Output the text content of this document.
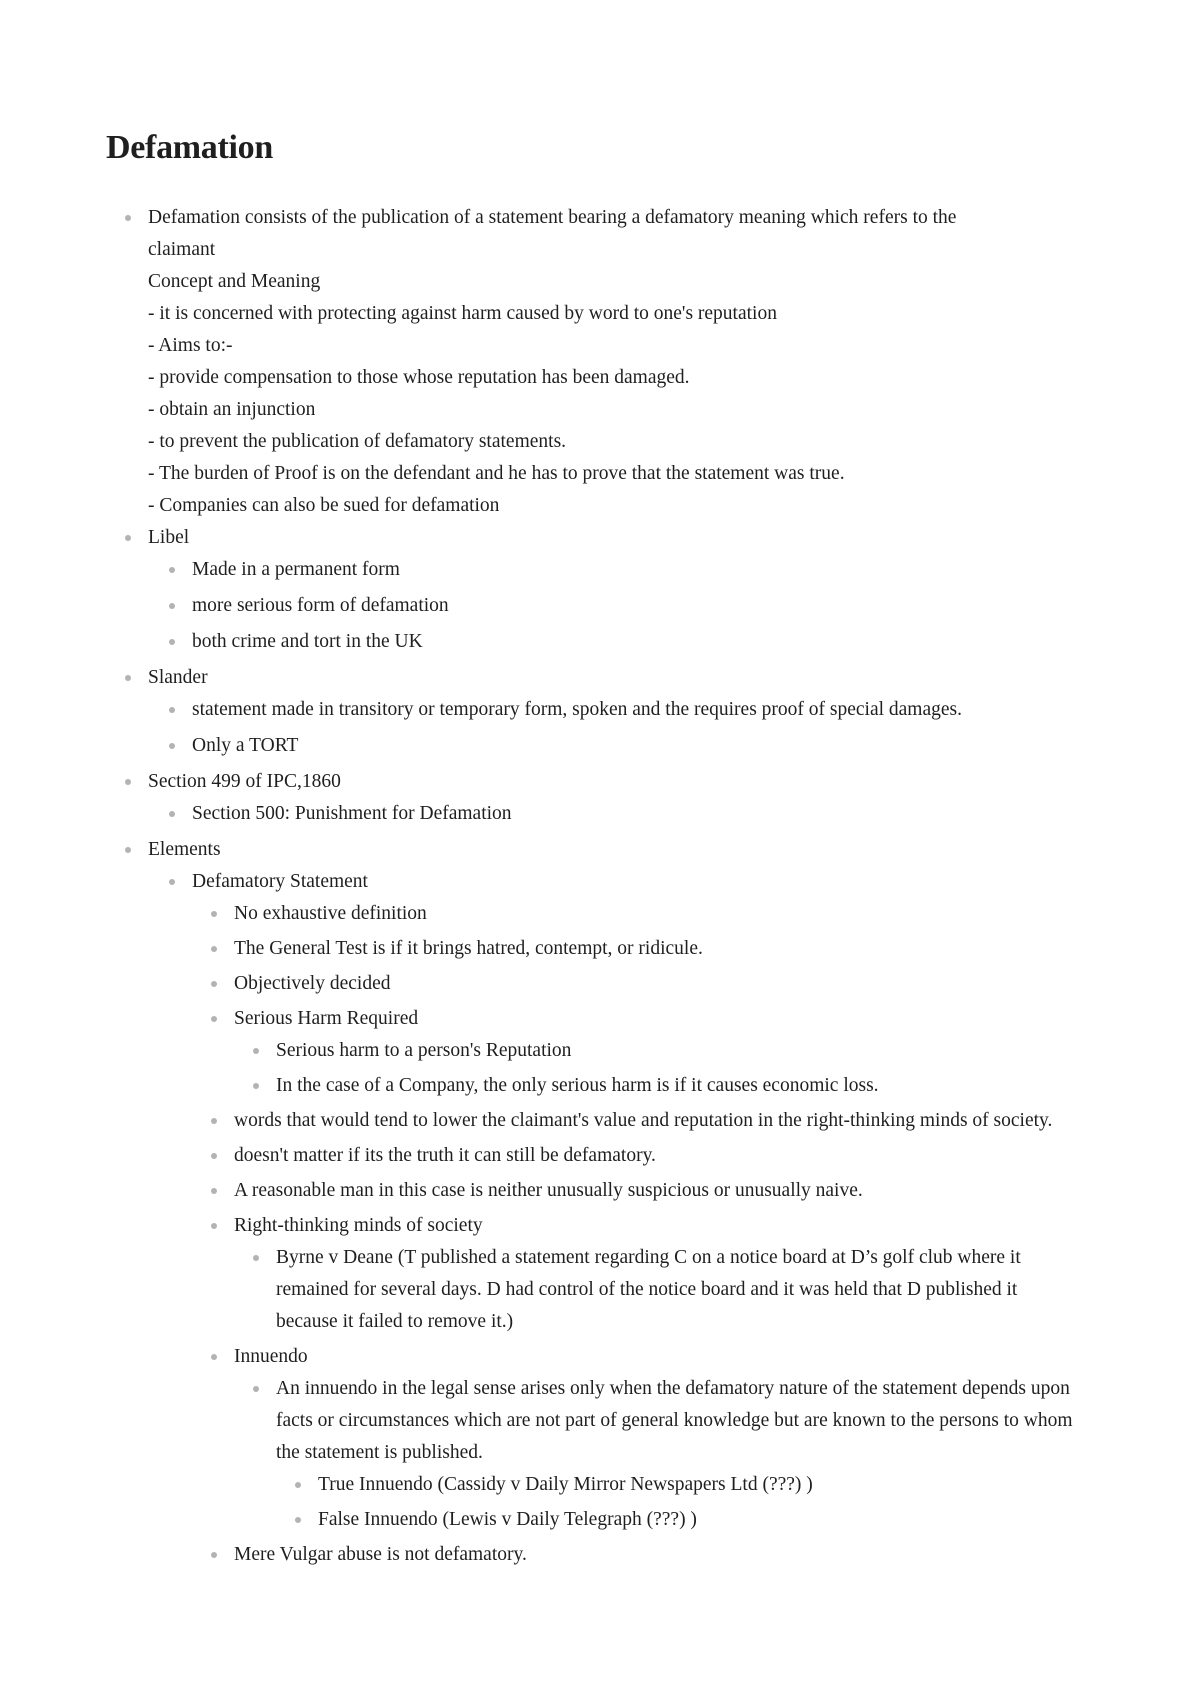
Defamation
Defamation consists of the publication of a statement bearing a defamatory meaning which refers to the claimant
Concept and Meaning
- it is concerned with protecting against harm caused by word to one's reputation
- Aims to:-
- provide compensation to those whose reputation has been damaged.
- obtain an injunction
- to prevent the publication of defamatory statements.
- The burden of Proof is on the defendant and he has to prove that the statement was true.
- Companies can also be sued for defamation
Libel
Made in a permanent form
more serious form of defamation
both crime and tort in the UK
Slander
statement made in transitory or temporary form, spoken and the requires proof of special damages.
Only a TORT
Section 499 of IPC,1860
Section 500: Punishment for Defamation
Elements
Defamatory Statement
No exhaustive definition
The General Test is if it brings hatred, contempt, or ridicule.
Objectively decided
Serious Harm Required
Serious harm to a person's Reputation
In the case of a Company, the only serious harm is if it causes economic loss.
words that would tend to lower the claimant's value and reputation in the right-thinking minds of society.
doesn't matter if its the truth it can still be defamatory.
A reasonable man in this case is neither unusually suspicious or unusually naive.
Right-thinking minds of society
Byrne v Deane (T published a statement regarding C on a notice board at D’s golf club where it remained for several days. D had control of the notice board and it was held that D published it because it failed to remove it.)
Innuendo
An innuendo in the legal sense arises only when the defamatory nature of the statement depends upon facts or circumstances which are not part of general knowledge but are known to the persons to whom the statement is published.
True Innuendo (Cassidy v Daily Mirror Newspapers Ltd (???) )
False Innuendo (Lewis v Daily Telegraph (???) )
Mere Vulgar abuse is not defamatory.
